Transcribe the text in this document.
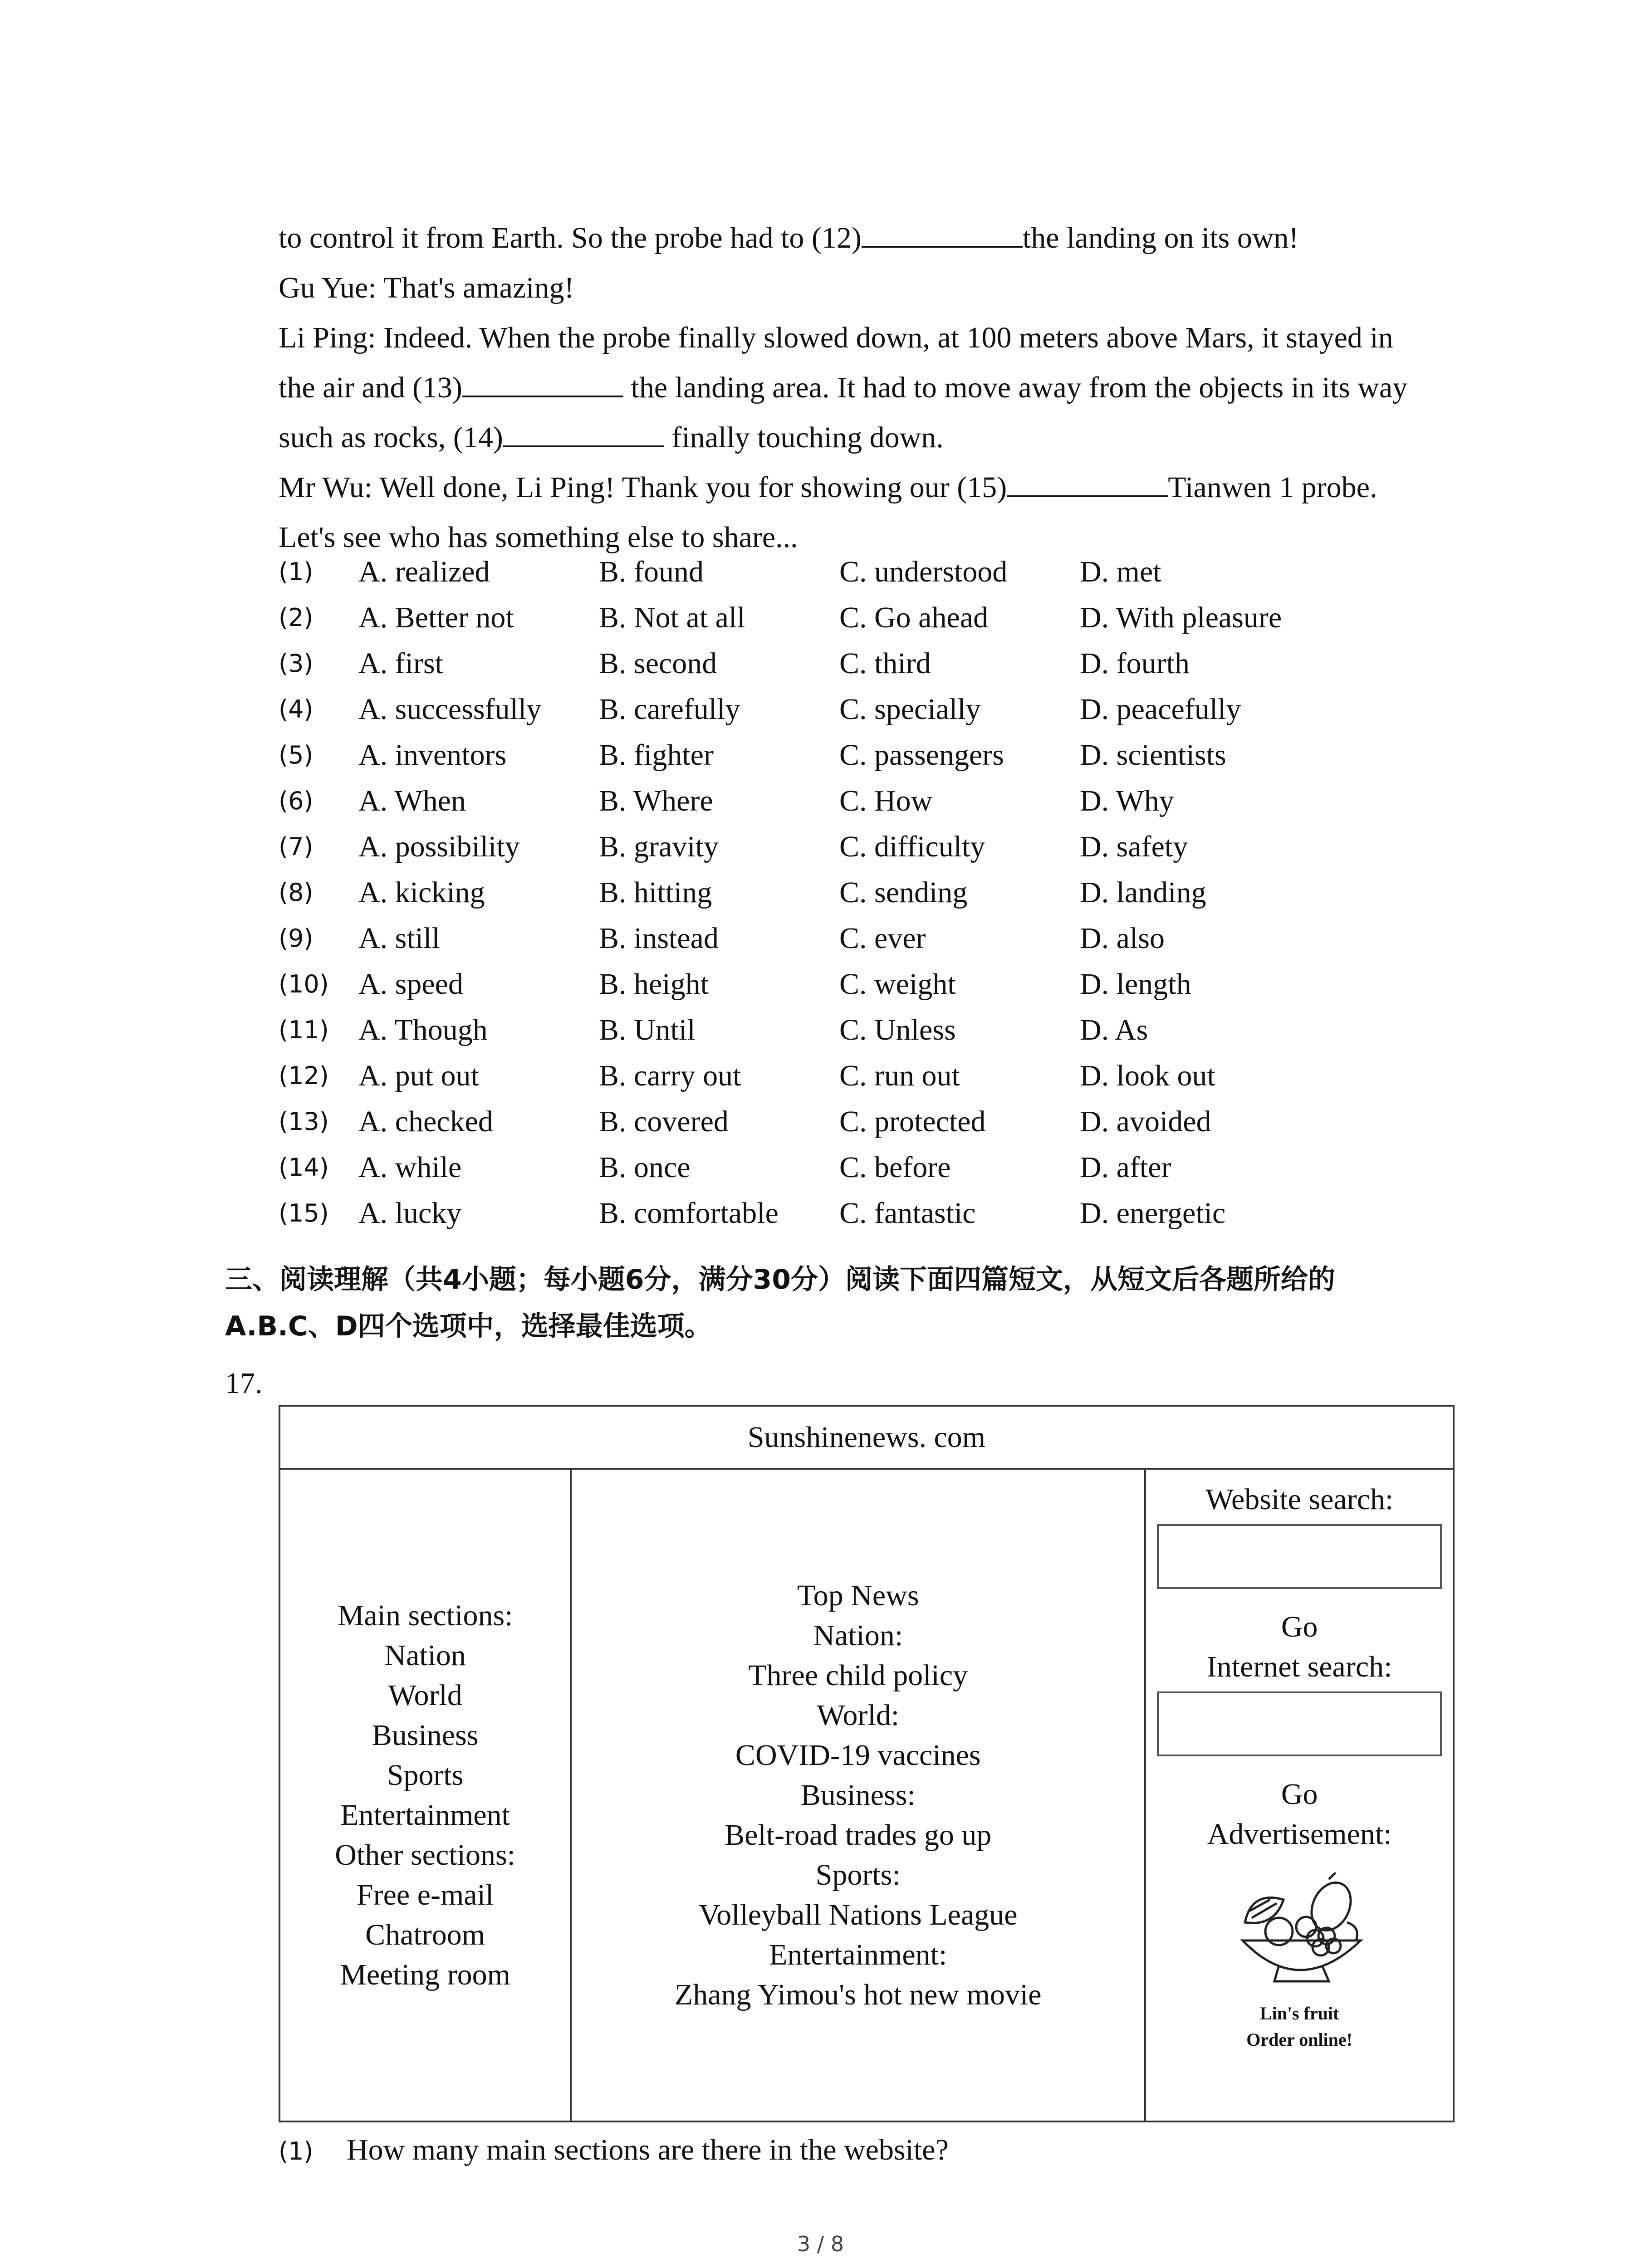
to control it from Earth. So the probe had to (12)	the landing on its own!

Gu Yue: That's amazing!

Li Ping: Indeed. When the probe finally slowed down, at 100 meters above Mars, it stayed in

the air and (13)	the landing area. It had to move away from the objects in its way

such as rocks, (14)	finally touching down.

Mr Wu: Well done, Li Ping! Thank you for showing our (15)	Tianwen 1 probe.

Let's see who has something else to share...

(1)	A. realized	B. found	C. understood D. met
(2)	A. Better not	B. Not at all	C. Go ahead	D. With pleasure
(3)	A. first	B. second	C. third	D. fourth
(4)	A. successfully B. carefully	C. specially	D. peacefully
(5)	A. inventors	B. fighter	C. passengers	D. scientists
(6)	A. When	B. Where	C. How	D. Why
(7)	A. possibility	B. gravity	C. difficulty	D. safety
(8)	A. kicking	B. hitting	C. sending	D. landing
(9)	A. still	B. instead	C. ever	D. also
(10) A. speed	B. height	C. weight	D. length
(11) A. Though	B. Until	C. Unless	D. As
(12) A. put out	B. carry out	C. run out	D. look out
(13) A. checked	B. covered	C. protected	D. avoided
(14) A. while	B. once	C. before	D. after
(15) A. lucky	B. comfortable C. fantastic	D. energetic
三、阅读理解（共4小题；每小题6分，满分30分）阅读下面四篇短文，从短文后各题所给的
A.B.C、D四个选项中，选择最佳选项。
17.
Sunshinenews. com

Main sections:
Nation
World
Business
Sports
Entertainment
Other sections:
Free e-mail
Chatroom
Meeting room

Top News
Nation:
Three child policy
World:
COVID-19 vaccines
Business:
Belt-road trades go up
Sports:
Volleyball Nations League
Entertainment:
Zhang Yimou's hot new movie

Website search:
Go
Internet search:
Go
Advertisement:
Lin's fruit
Order online!
(1) How many main sections are there in the website?
3 / 8
